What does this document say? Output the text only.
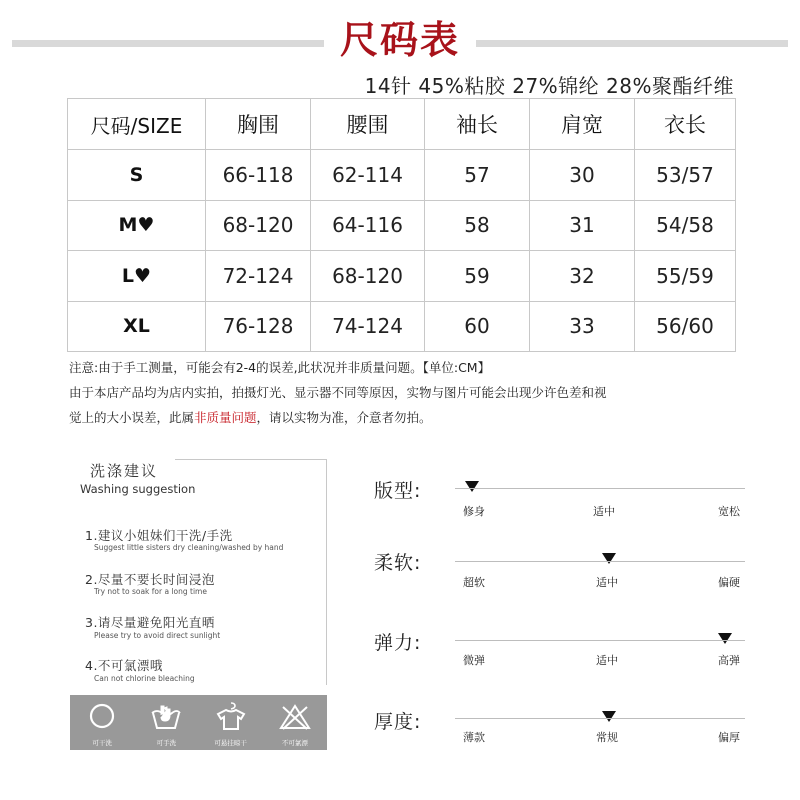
尺码表
14针 45%粘胶 27%锦纶 28%聚酯纤维
尺码/SIZE	胸围	腰围	袖长	肩宽	衣长
S	66-118	62-114	57	30	53/57
M♥	68-120	64-116	58	31	54/58
L♥	72-124	68-120	59	32	55/59
XL	76-128	74-124	60	33	56/60
注意:由于手工测量，可能会有2-4的误差,此状况并非质量问题。【单位:CM】
由于本店产品均为店内实拍，拍摄灯光、显示器不同等原因，实物与图片可能会出现少许色差和视
觉上的大小误差，此属非质量问题，请以实物为准，介意者勿拍。
洗涤建议
Washing suggestion
1.建议小姐妹们干洗/手洗
Suggest little sisters dry cleaning/washed by hand
2.尽量不要长时间浸泡
Try not to soak for a long time
3.请尽量避免阳光直晒
Please try to avoid direct sunlight
4.不可氯漂哦
Can not chlorine bleaching
可干洗	可手洗	可悬挂晾干	不可氯漂
版型:
修身	适中	宽松
柔软:
超软	适中	偏硬
弹力:
微弹	适中	高弹
厚度:
薄款	常规	偏厚
